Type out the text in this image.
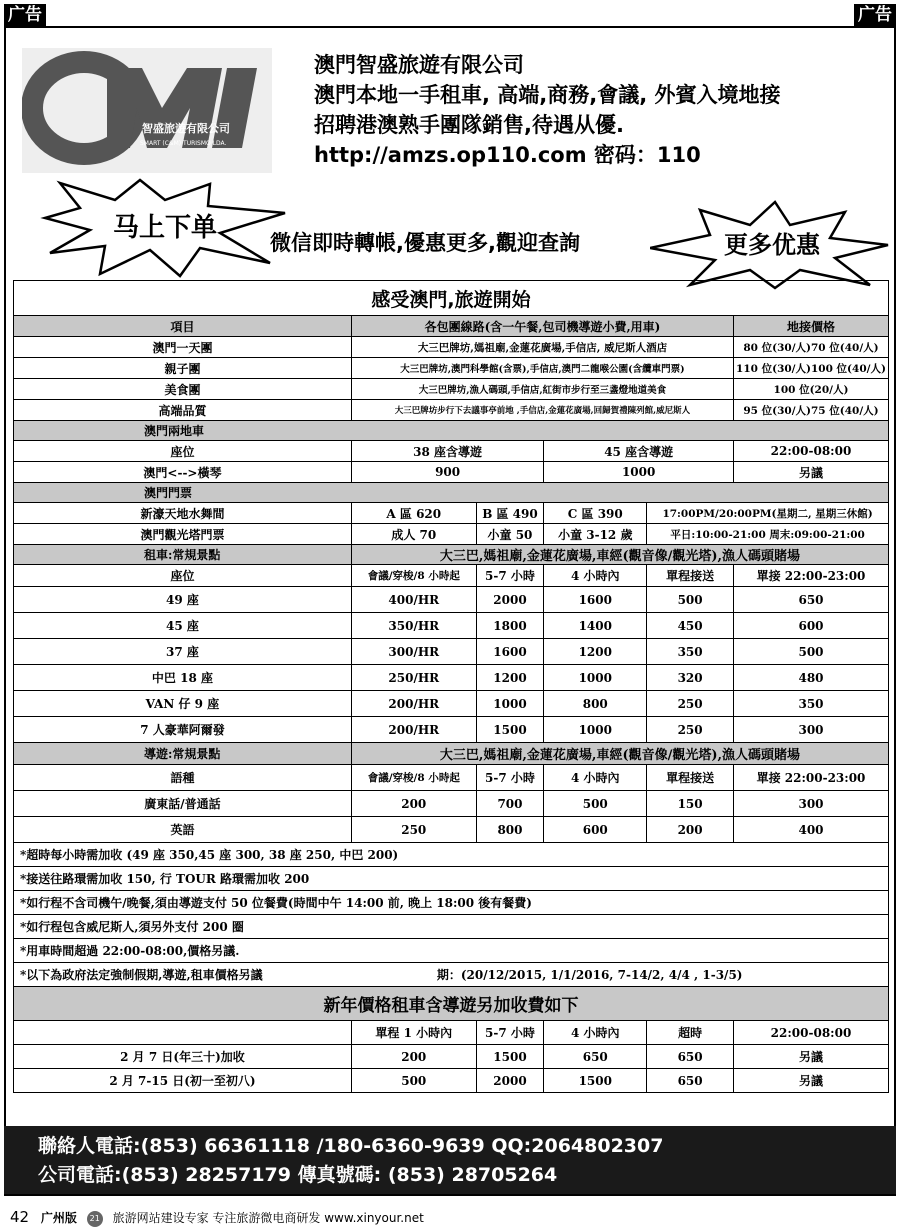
广告	广告
智盛旅遊有限公司
SMART (C&M) TURISMO LDA.
澳門智盛旅遊有限公司
澳門本地一手租車, 高端,商務,會議, 外賓入境地接
招聘港澳熟手團隊銷售,待遇从優.
http://amzs.op110.com 密码：110
马上下单	微信即時轉帳,優惠更多,觀迎查詢	更多优惠
感受澳門,旅遊開始					
項目	各包團線路(含一午餐,包司機導遊小費,用車)				地接價格
澳門一天團	大三巴牌坊,媽祖廟,金蓮花廣場,手信店, 威尼斯人酒店				80 位(30/人)70 位(40/人)
親子團	大三巴牌坊,澳門科學館(含票),手信店,澳門二龍喉公園(含纜車門票)				110 位(30/人)100 位(40/人)
美食團	大三巴牌坊,漁人碼頭,手信店,紅街市步行至三盞燈地道美食				100 位(20/人)
高端品質	大三巴牌坊步行下去議事亭前地 ,手信店,金蓮花廣場,回歸賀禮陳列館,威尼斯人				95 位(30/人)75 位(40/人)
澳門兩地車					
座位	38 座含導遊		45 座含導遊		22:00-08:00
澳門<-->橫琴	900		1000		另議
澳門門票					
新濠天地水舞間	A 區 620	B 區 490	C 區 390	17:00PM/20:00PM(星期二, 星期三休館)	
澳門觀光塔門票	成人 70	小童 50	小童 3-12 歲	平日:10:00-21:00 周末:09:00-21:00	
租車:常規景點	大三巴,媽祖廟,金蓮花廣場,車經(觀音像/觀光塔),漁人碼頭賭場				
座位	會議/穿梭/8 小時起	5-7 小時	4 小時內	單程接送	單接 22:00-23:00
49 座	400/HR	2000	1600	500	650
45 座	350/HR	1800	1400	450	600
37 座	300/HR	1600	1200	350	500
中巴 18 座	250/HR	1200	1000	320	480
VAN 仔 9 座	200/HR	1000	800	250	350
7 人豪華阿爾發	200/HR	1500	1000	250	300
導遊:常規景點	大三巴,媽祖廟,金蓮花廣場,車經(觀音像/觀光塔),漁人碼頭賭場				
語種	會議/穿梭/8 小時起	5-7 小時	4 小時內	單程接送	單接 22:00-23:00
廣東話/普通話	200	700	500	150	300
英語	250	800	600	200	400
*超時每小時需加收 (49 座 350,45 座 300, 38 座 250, 中巴 200)					
*接送往路環需加收 150, 行 TOUR 路環需加收 200					
*如行程不含司機午/晚餐,須由導遊支付 50 位餐費(時間中午 14:00 前, 晚上 18:00 後有餐費)					
*如行程包含威尼斯人,須另外支付 200 圈					
*用車時間超過 22:00-08:00,價格另議.					
*以下為政府法定強制假期,導遊,租車價格另議 期：(20/12/2015, 1/1/2016, 7-14/2, 4/4 , 1-3/5)					
新年價格租車含導遊另加收費如下					
	單程 1 小時內	5-7 小時	4 小時內	超時	22:00-08:00
2 月 7 日(年三十)加收	200	1500	650	650	另議
2 月 7-15 日(初一至初八)	500	2000	1500	650	另議
聯絡人電話:(853) 66361118 /180-6360-9639 QQ:2064802307
公司電話:(853) 28257179 傳真號碼: (853) 28705264
42 广州版 21 旅游网站建设专家 专注旅游微电商研发 www.xinyour.net
